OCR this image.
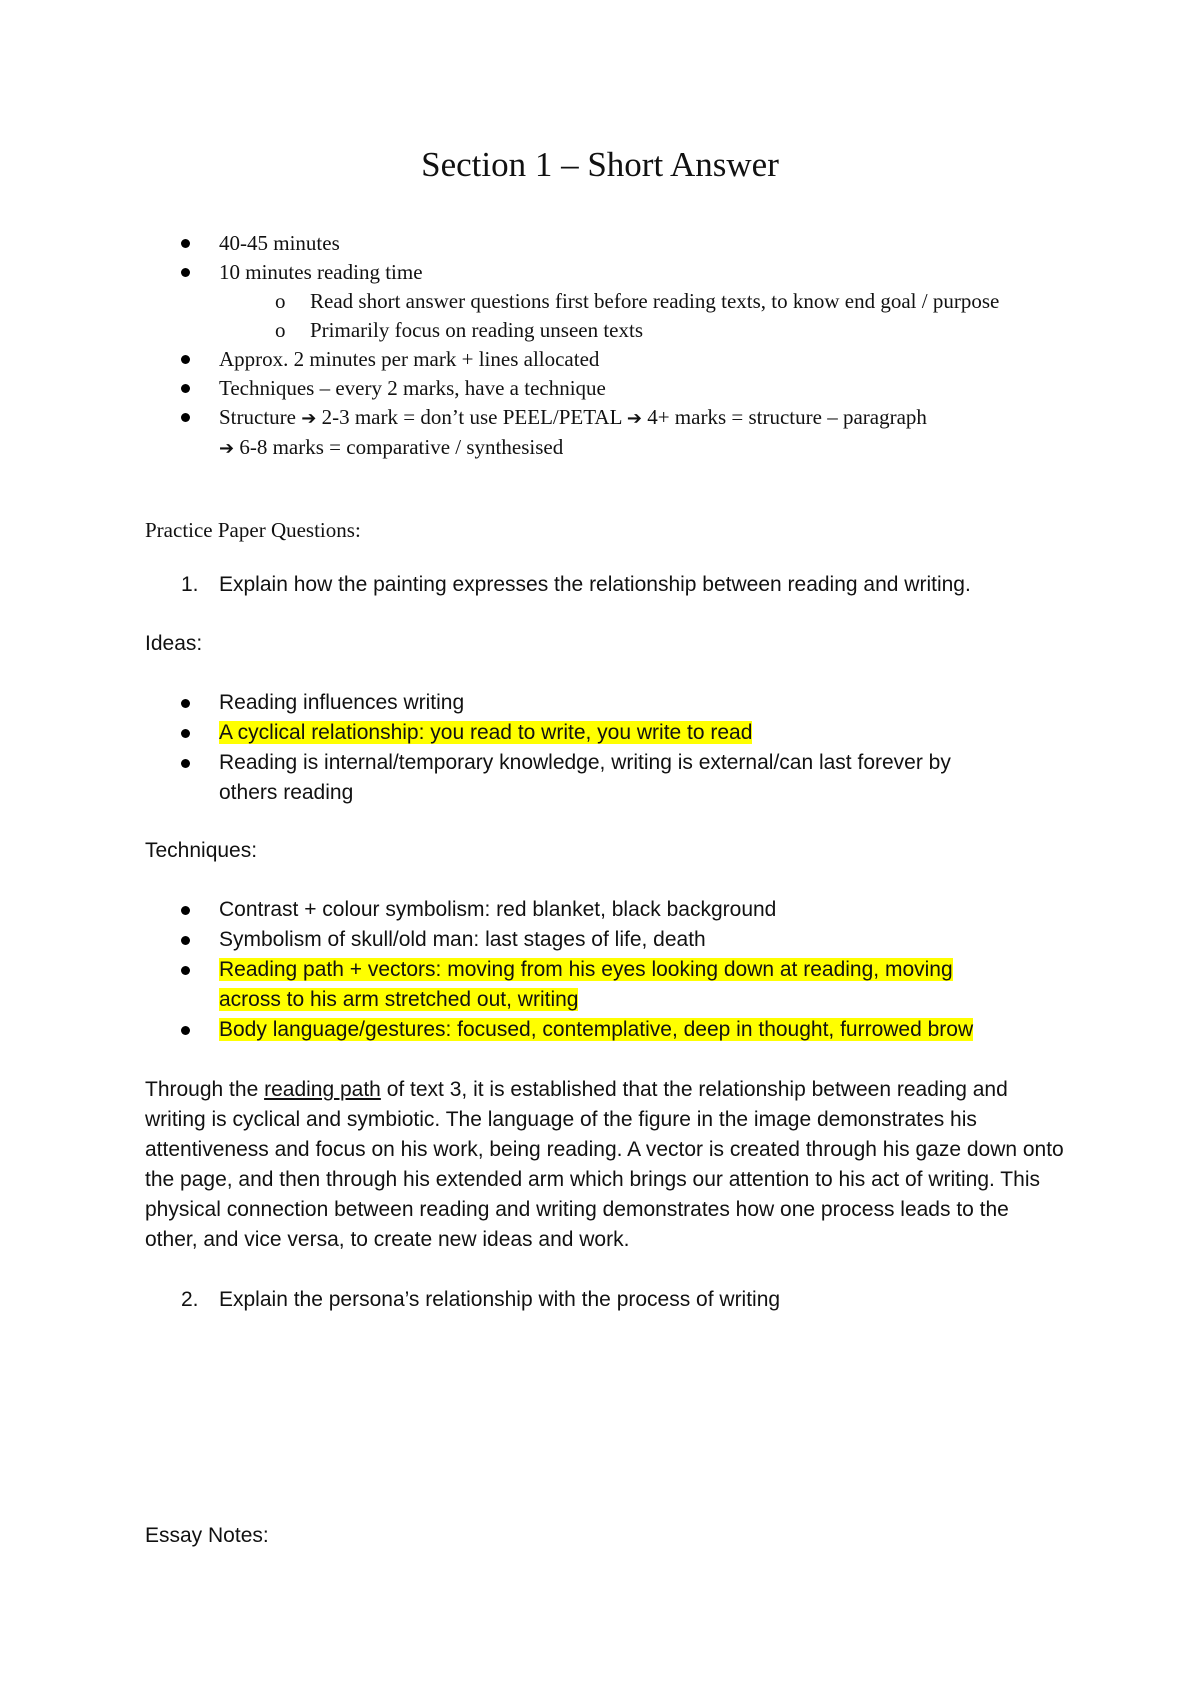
Section 1 – Short Answer
40-45 minutes
10 minutes reading time
o Read short answer questions first before reading texts, to know end goal / purpose
o Primarily focus on reading unseen texts
Approx. 2 minutes per mark + lines allocated
Techniques – every 2 marks, have a technique
Structure ➔ 2-3 mark = don’t use PEEL/PETAL ➔ 4+ marks = structure – paragraph
➔ 6-8 marks = comparative / synthesised
Practice Paper Questions:
1. Explain how the painting expresses the relationship between reading and writing.
Ideas:
Reading influences writing
A cyclical relationship: you read to write, you write to read
Reading is internal/temporary knowledge, writing is external/can last forever by others reading
Techniques:
Contrast + colour symbolism: red blanket, black background
Symbolism of skull/old man: last stages of life, death
Reading path + vectors: moving from his eyes looking down at reading, moving across to his arm stretched out, writing
Body language/gestures: focused, contemplative, deep in thought, furrowed brow
Through the reading path of text 3, it is established that the relationship between reading and writing is cyclical and symbiotic. The language of the figure in the image demonstrates his attentiveness and focus on his work, being reading. A vector is created through his gaze down onto the page, and then through his extended arm which brings our attention to his act of writing. This physical connection between reading and writing demonstrates how one process leads to the other, and vice versa, to create new ideas and work.
2. Explain the persona’s relationship with the process of writing
Essay Notes:
